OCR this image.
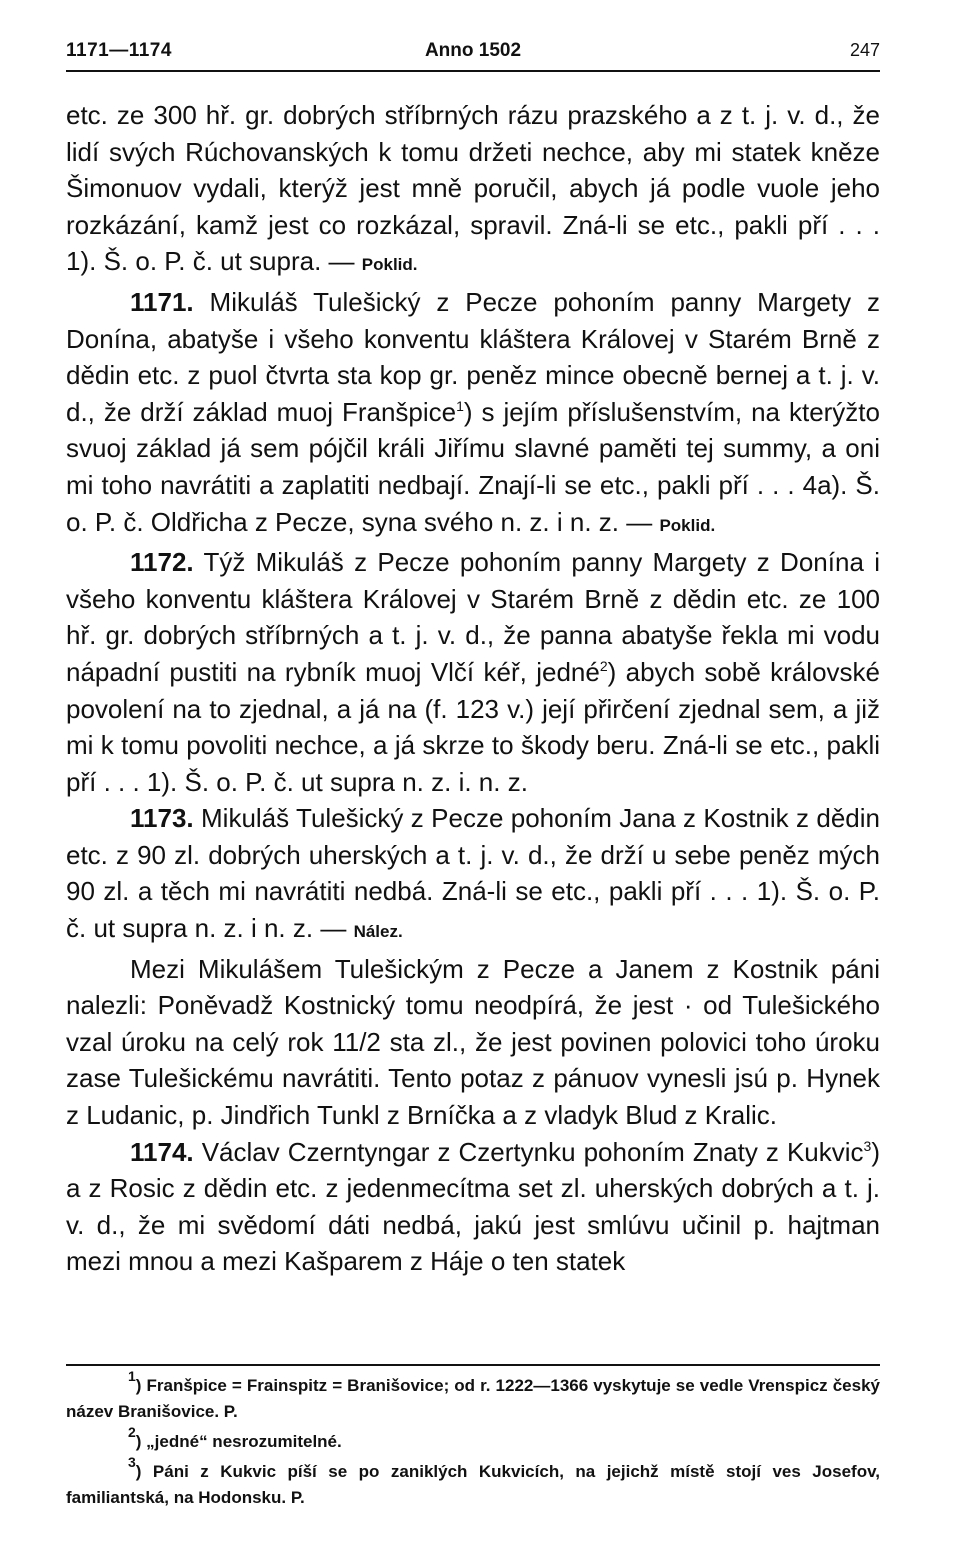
1171—1174	Anno 1502	247

etc. ze 300 hř. gr. dobrých stříbrných rázu prazského a z t. j. v. d., že lidí svých Rúchovanských k tomu držeti nechce, aby mi statek kněze Šimonuov vydali, kterýž jest mně poručil, abych já podle vuole jeho rozkázání, kamž jest co rozkázal, spravil. Zná-li se etc., pakli pří . . . 1). Š. o. P. č. ut supra. — Poklid.

1171. Mikuláš Tulešický z Pecze pohoním panny Margety z Donína, abatyše i všeho konventu kláštera Královej v Starém Brně z dědin etc. z puol čtvrta sta kop gr. peněz mince obecně bernej a t. j. v. d., že drží základ muoj Franšpice$^1$) s jejím příslušenstvím, na kterýžto svuoj základ já sem pójčil králi Jiřímu slavné paměti tej summy, a oni mi toho navrátiti a zaplatiti nedbají. Znají-li se etc., pakli pří . . . 4a). Š. o. P. č. Oldřicha z Pecze, syna svého n. z. i n. z. — Poklid.

1172. Týž Mikuláš z Pecze pohoním panny Margety z Donína i všeho konventu kláštera Královej v Starém Brně z dědin etc. ze 100 hř. gr. dobrých stříbrných a t. j. v. d., že panna abatyše řekla mi vodu nápadní pustiti na rybník muoj Vlčí kéř, jedné$^2$) abych sobě královské povolení na to zjednal, a já na (f. 123 v.) její přirčení zjednal sem, a již mi k tomu povoliti nechce, a já skrze to škody beru. Zná-li se etc., pakli pří . . . 1). Š. o. P. č. ut supra n. z. i. n. z.

1173. Mikuláš Tulešický z Pecze pohoním Jana z Kostnik z dědin etc. z 90 zl. dobrých uherských a t. j. v. d., že drží u sebe peněz mých 90 zl. a těch mi navrátiti nedbá. Zná-li se etc., pakli pří . . . 1). Š. o. P. č. ut supra n. z. i n. z. — Nález.

Mezi Mikulášem Tulešickým z Pecze a Janem z Kostnik páni nalezli: Poněvadž Kostnický tomu neodpírá, že jest · od Tulešického vzal úroku na celý rok 11/2 sta zl., že jest povinen polovici toho úroku zase Tulešickému navrátiti. Tento potaz z pánuov vynesli jsú p. Hynek z Ludanic, p. Jindřich Tunkl z Brníčka a z vladyk Blud z Kralic.

1174. Václav Czerntyngar z Czertynku pohoním Znaty z Kukvic$^3$) a z Rosic z dědin etc. z jedenmecítma set zl. uherských dobrých a t. j. v. d., že mi svědomí dáti nedbá, jakú jest smlúvu učinil p. hajtman mezi mnou a mezi Kašparem z Háje o ten statek

$^1$) Franšpice = Frainspitz = Branišovice; od r. 1222—1366 vyskytuje se vedle Vrenspicz český název Branišovice. P.

$^2$) „jedné“ nesrozumitelné.

$^3$) Páni z Kukvic píší se po zaniklých Kukvicích, na jejichž místě stojí ves Josefov, familiantská, na Hodonsku. P.
